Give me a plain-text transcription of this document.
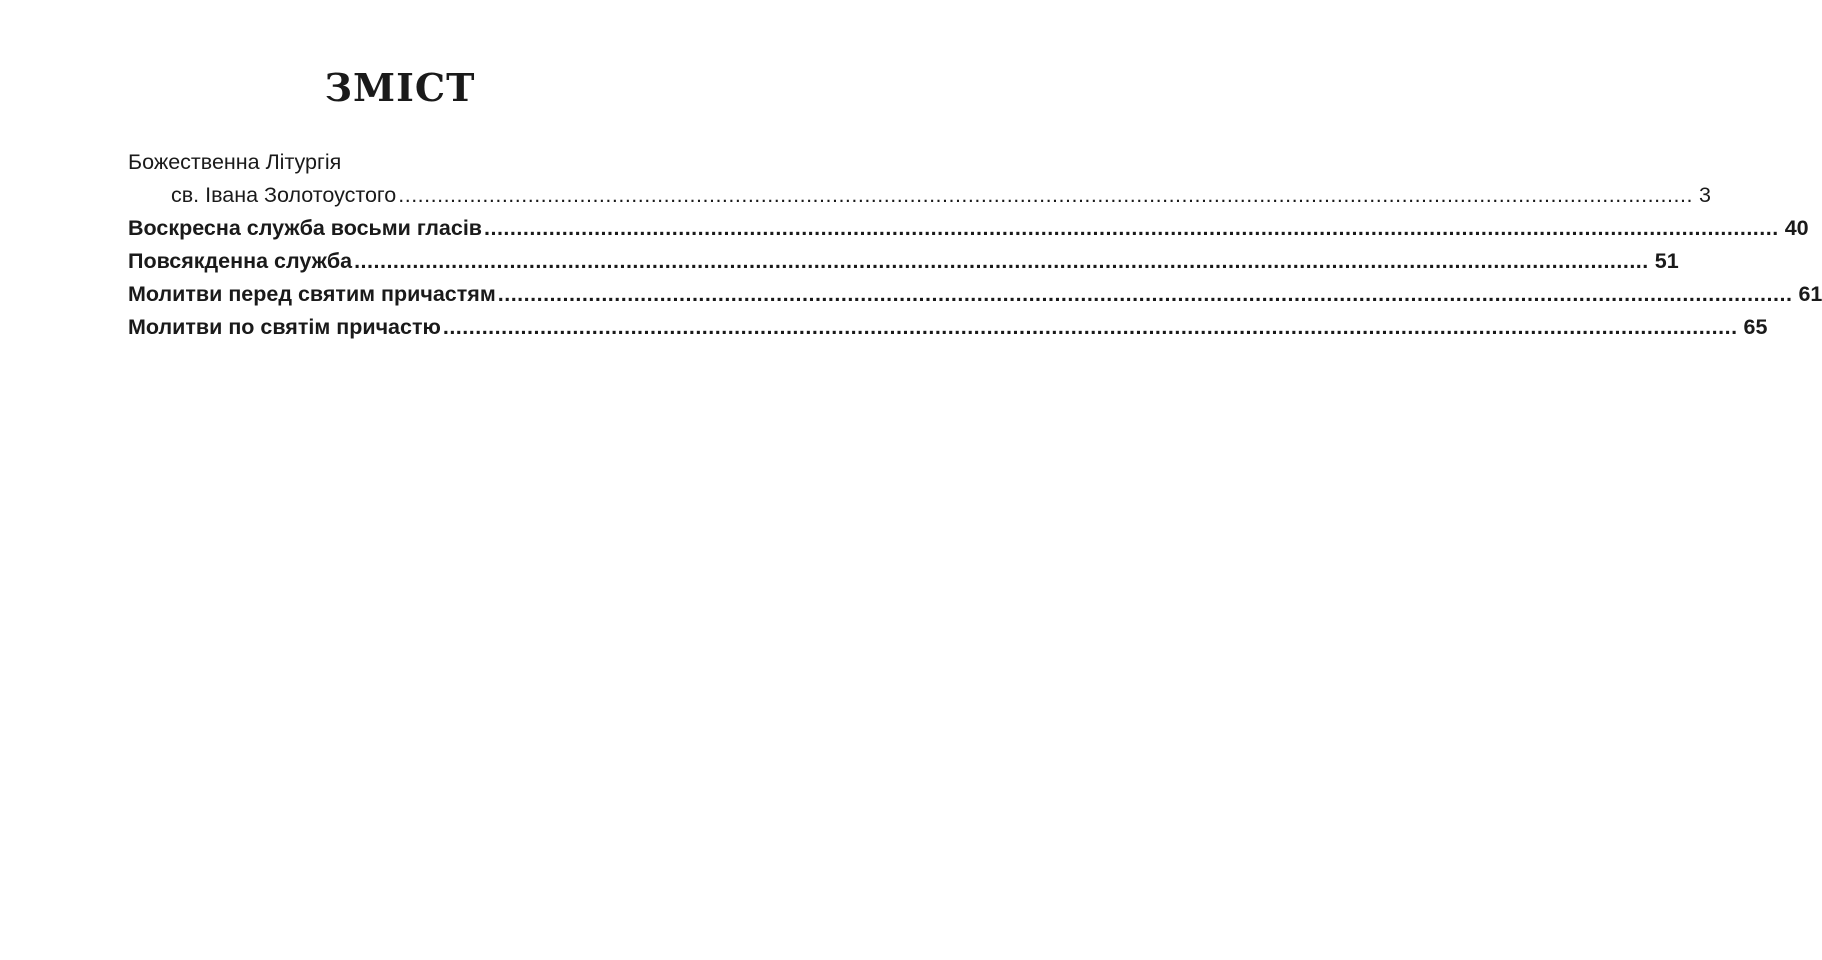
ЗМІСТ
Божественна Літургія
св. Івана Золотоустого ........................................................................................................................................................................................................ 3
Воскресна служба восьми гласів ........................................................................................................................................................................................................ 40
Повсякденна служба ........................................................................................................................................................................................................ 51
Молитви перед святим причастям ........................................................................................................................................................................................................ 61
Молитви по святім причастю ........................................................................................................................................................................................................ 65
